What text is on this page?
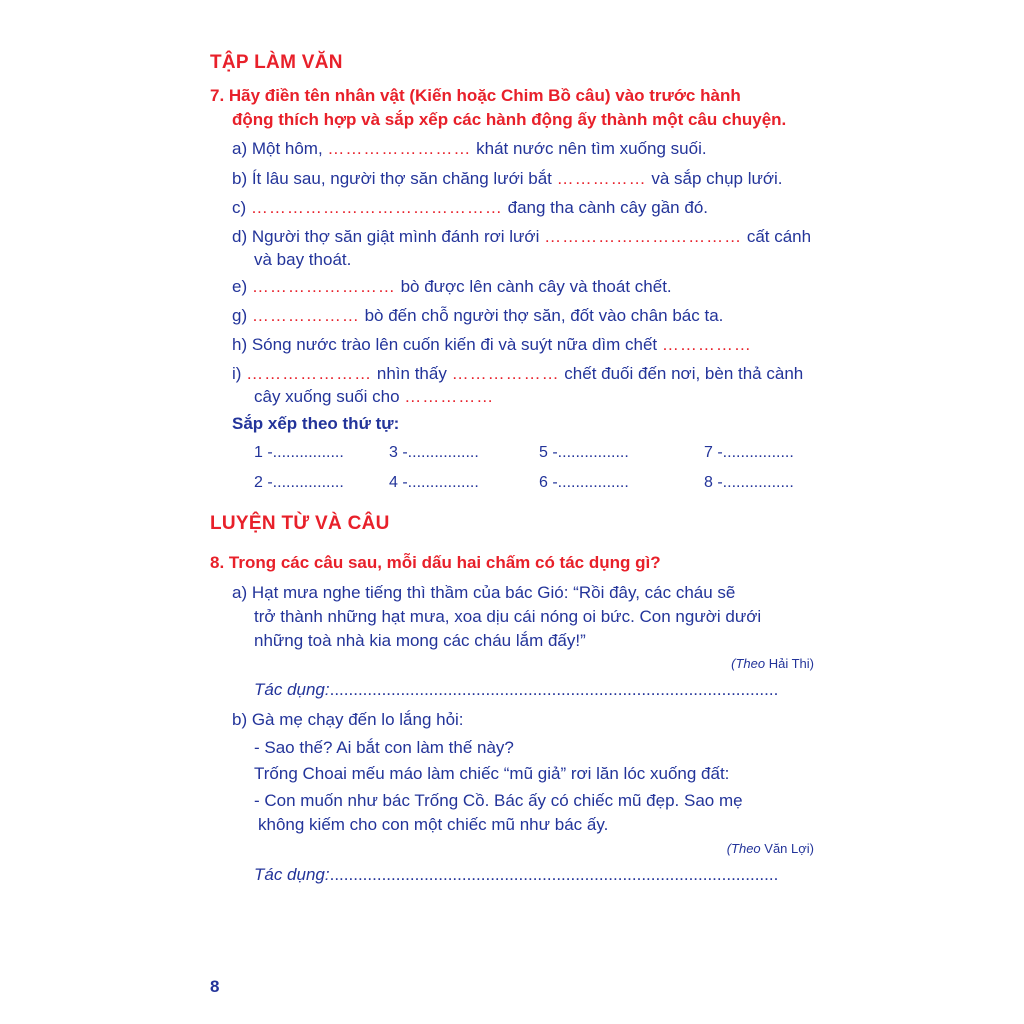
TẬP LÀM VĂN
7. Hãy điền tên nhân vật (Kiến hoặc Chim Bồ câu) vào trước hành
động thích hợp và sắp xếp các hành động ấy thành một câu chuyện.
a) Một hôm, …………………… khát nước nên tìm xuống suối.
b) Ít lâu sau, người thợ săn chăng lưới bắt …………… và sắp chụp lưới.
c) …………………………………… đang tha cành cây gần đó.
d) Người thợ săn giật mình đánh rơi lưới …………………………… cất cánh
và bay thoát.
e) …………………… bò được lên cành cây và thoát chết.
g) ……………… bò đến chỗ người thợ săn, đốt vào chân bác ta.
h) Sóng nước trào lên cuốn kiến đi và suýt nữa dìm chết ……………
i) ………………… nhìn thấy ……………… chết đuối đến nơi, bèn thả cành
cây xuống suối cho ……………
Sắp xếp theo thứ tự:
1 -................	3 -................	5 -................	7 -................
2 -................	4 -................	6 -................	8 -................
LUYỆN TỪ VÀ CÂU
8. Trong các câu sau, mỗi dấu hai chấm có tác dụng gì?
a) Hạt mưa nghe tiếng thì thầm của bác Gió: “Rồi đây, các cháu sẽ
trở thành những hạt mưa, xoa dịu cái nóng oi bức. Con người dưới
những toà nhà kia mong các cháu lắm đấy!”
(Theo Hải Thi)
Tác dụng:...............................................................................................
b) Gà mẹ chạy đến lo lắng hỏi:
- Sao thế? Ai bắt con làm thế này?
Trống Choai mếu máo làm chiếc “mũ giả” rơi lăn lóc xuống đất:
- Con muốn như bác Trống Cồ. Bác ấy có chiếc mũ đẹp. Sao mẹ
không kiếm cho con một chiếc mũ như bác ấy.
(Theo Văn Lợi)
Tác dụng:...............................................................................................
8
